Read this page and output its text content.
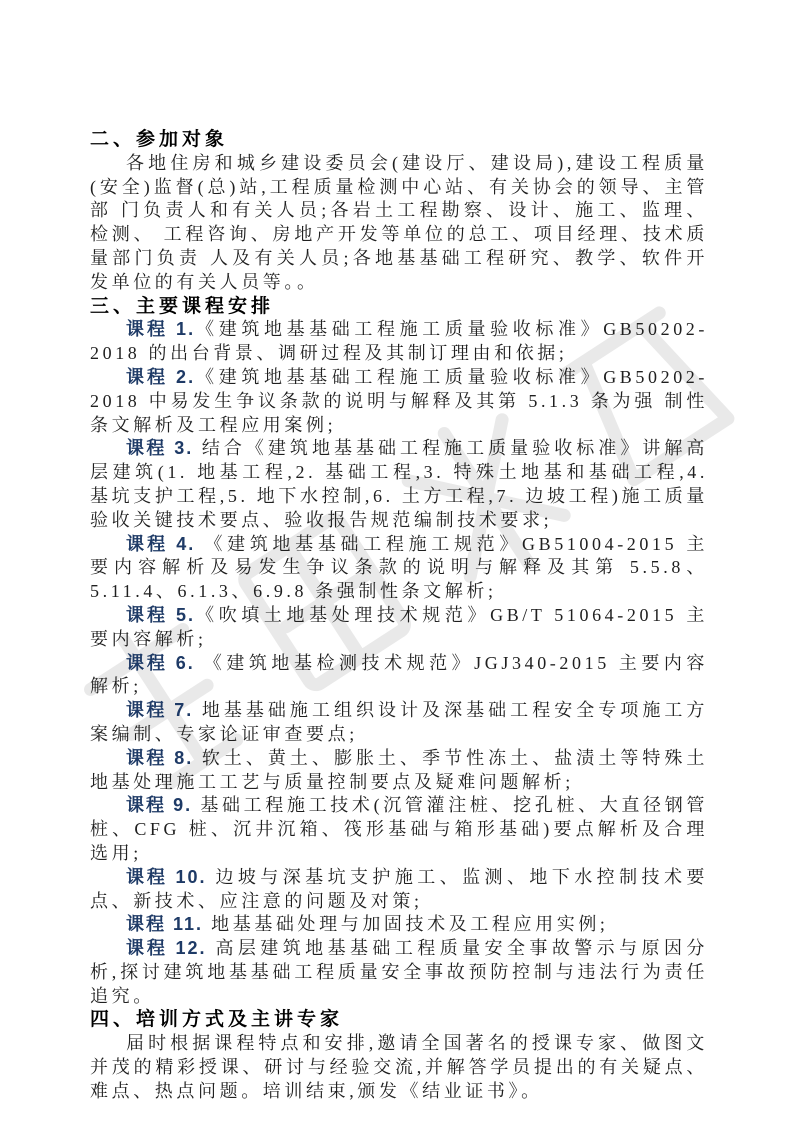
二、参加对象

各地住房和城乡建设委员会(建设厅、建设局),建设工程质量(安全)监督(总)站,工程质量检测中心站、有关协会的领导、主管部 门负责人和有关人员;各岩土工程勘察、设计、施工、监理、检测、 工程咨询、房地产开发等单位的总工、项目经理、技术质量部门负责 人及有关人员;各地基基础工程研究、教学、软件开发单位的有关人员等。。

三、主要课程安排

课程 1.《建筑地基基础工程施工质量验收标准》GB50202-2018 的出台背景、调研过程及其制订理由和依据;

课程 2.《建筑地基基础工程施工质量验收标准》GB50202-2018 中易发生争议条款的说明与解释及其第 5.1.3 条为强 制性条文解析及工程应用案例;

课程 3. 结合《建筑地基基础工程施工质量验收标准》讲解高层建筑(1. 地基工程,2. 基础工程,3. 特殊土地基和基础工程,4. 基坑支护工程,5. 地下水控制,6. 土方工程,7. 边坡工程)施工质量验收关键技术要点、验收报告规范编制技术要求;

课程 4. 《建筑地基基础工程施工规范》GB51004-2015 主要内容解析及易发生争议条款的说明与解释及其第 5.5.8、5.11.4、6.1.3、6.9.8 条强制性条文解析;

课程 5.《吹填土地基处理技术规范》GB/T 51064-2015 主要内容解析;

课程 6. 《建筑地基检测技术规范》JGJ340-2015 主要内容解析;

课程 7. 地基基础施工组织设计及深基础工程安全专项施工方案编制、专家论证审查要点;

课程 8. 软土、黄土、膨胀土、季节性冻土、盐渍土等特殊土地基处理施工工艺与质量控制要点及疑难问题解析;

课程 9. 基础工程施工技术(沉管灌注桩、挖孔桩、大直径钢管桩、CFG 桩、沉井沉箱、筏形基础与箱形基础)要点解析及合理选用;

课程 10. 边坡与深基坑支护施工、监测、地下水控制技术要点、新技术、应注意的问题及对策;

课程 11. 地基基础处理与加固技术及工程应用实例;

课程 12. 高层建筑地基基础工程质量安全事故警示与原因分析,探讨建筑地基基础工程质量安全事故预防控制与违法行为责任追究。

四、培训方式及主讲专家

届时根据课程特点和安排,邀请全国著名的授课专家、做图文并茂的精彩授课、研讨与经验交流,并解答学员提出的有关疑点、难点、热点问题。培训结束,颁发《结业证书》。
